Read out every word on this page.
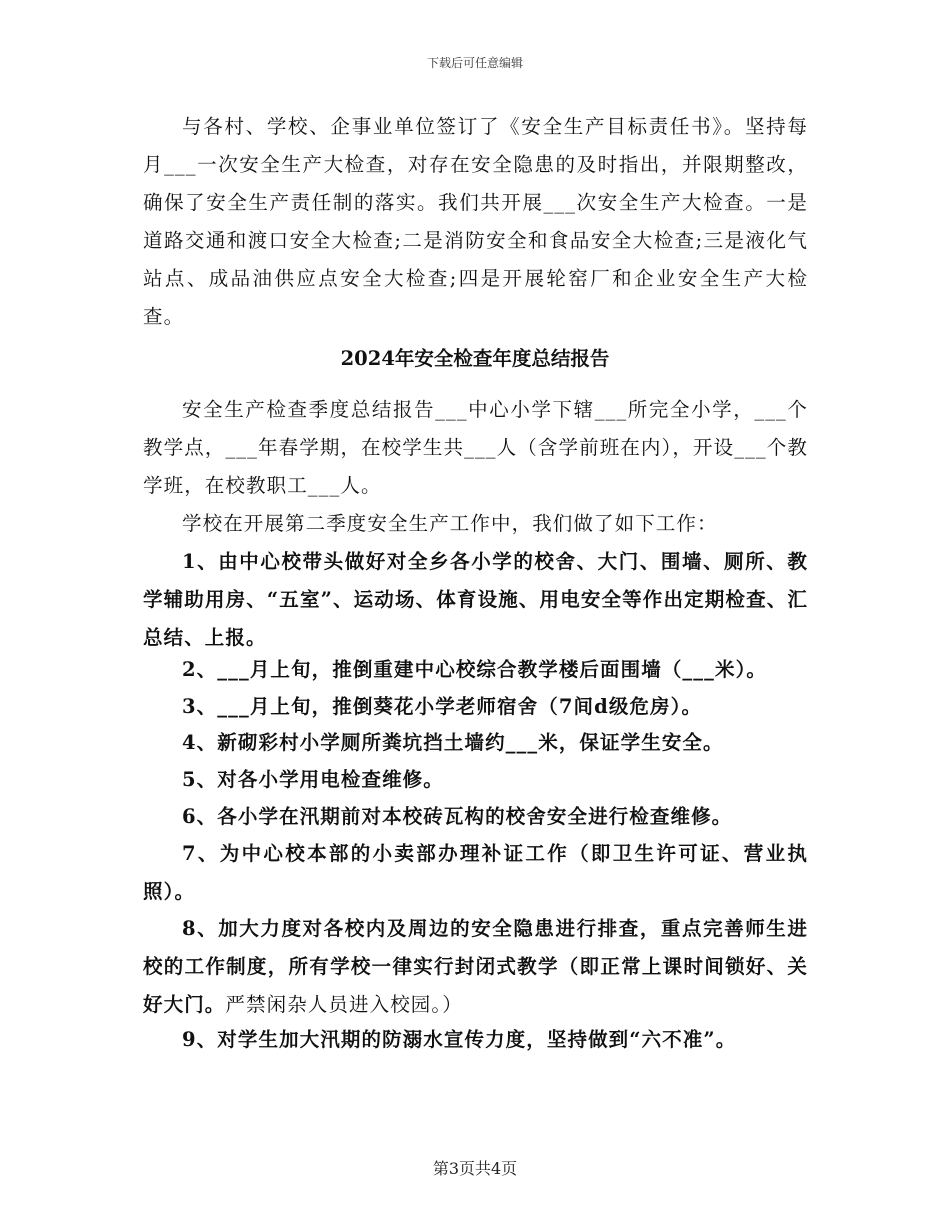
下载后可任意编辑

与各村、学校、企事业单位签订了《安全生产目标责任书》。坚持每月___一次安全生产大检查，对存在安全隐患的及时指出，并限期整改，确保了安全生产责任制的落实。我们共开展___次安全生产大检查。一是道路交通和渡口安全大检查;二是消防安全和食品安全大检查;三是液化气站点、成品油供应点安全大检查;四是开展轮窑厂和企业安全生产大检查。

2024年安全检查年度总结报告

安全生产检查季度总结报告___中心小学下辖___所完全小学，___个教学点，___年春学期，在校学生共___人（含学前班在内），开设___个教学班，在校教职工___人。

学校在开展第二季度安全生产工作中，我们做了如下工作：

1、由中心校带头做好对全乡各小学的校舍、大门、围墙、厕所、教学辅助用房、“五室”、运动场、体育设施、用电安全等作出定期检查、汇总结、上报。

2、___月上旬，推倒重建中心校综合教学楼后面围墙（___米）。

3、___月上旬，推倒葵花小学老师宿舍（7间d级危房）。

4、新砌彩村小学厕所粪坑挡土墙约___米，保证学生安全。

5、对各小学用电检查维修。

6、各小学在汛期前对本校砖瓦构的校舍安全进行检查维修。

7、为中心校本部的小卖部办理补证工作（即卫生许可证、营业执照）。

8、加大力度对各校内及周边的安全隐患进行排查，重点完善师生进校的工作制度，所有学校一律实行封闭式教学（即正常上课时间锁好、关好大门。严禁闲杂人员进入校园。）

9、对学生加大汛期的防溺水宣传力度，坚持做到“六不准”。

第3页共4页
